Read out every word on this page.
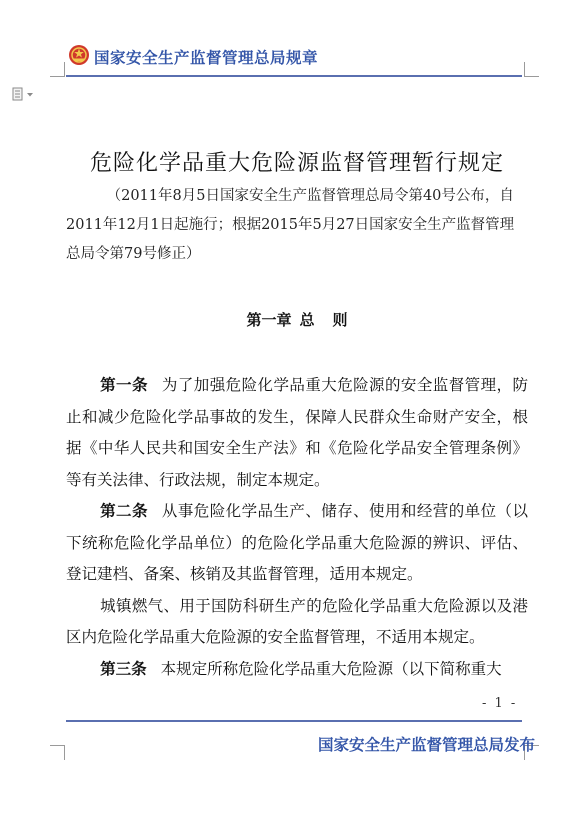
国家安全生产监督管理总局规章
危险化学品重大危险源监督管理暂行规定
（2011年8月5日国家安全生产监督管理总局令第40号公布，自2011年12月1日起施行；根据2015年5月27日国家安全生产监督管理总局令第79号修正）
第一章 总 则

第一条 为了加强危险化学品重大危险源的安全监督管理，防止和减少危险化学品事故的发生，保障人民群众生命财产安全，根据《中华人民共和国安全生产法》和《危险化学品安全管理条例》等有关法律、行政法规，制定本规定。

第二条 从事危险化学品生产、储存、使用和经营的单位（以下统称危险化学品单位）的危险化学品重大危险源的辨识、评估、登记建档、备案、核销及其监督管理，适用本规定。

城镇燃气、用于国防科研生产的危险化学品重大危险源以及港区内危险化学品重大危险源的安全监督管理，不适用本规定。

第三条 本规定所称危险化学品重大危险源（以下简称重大

- 1 -
国家安全生产监督管理总局发布
